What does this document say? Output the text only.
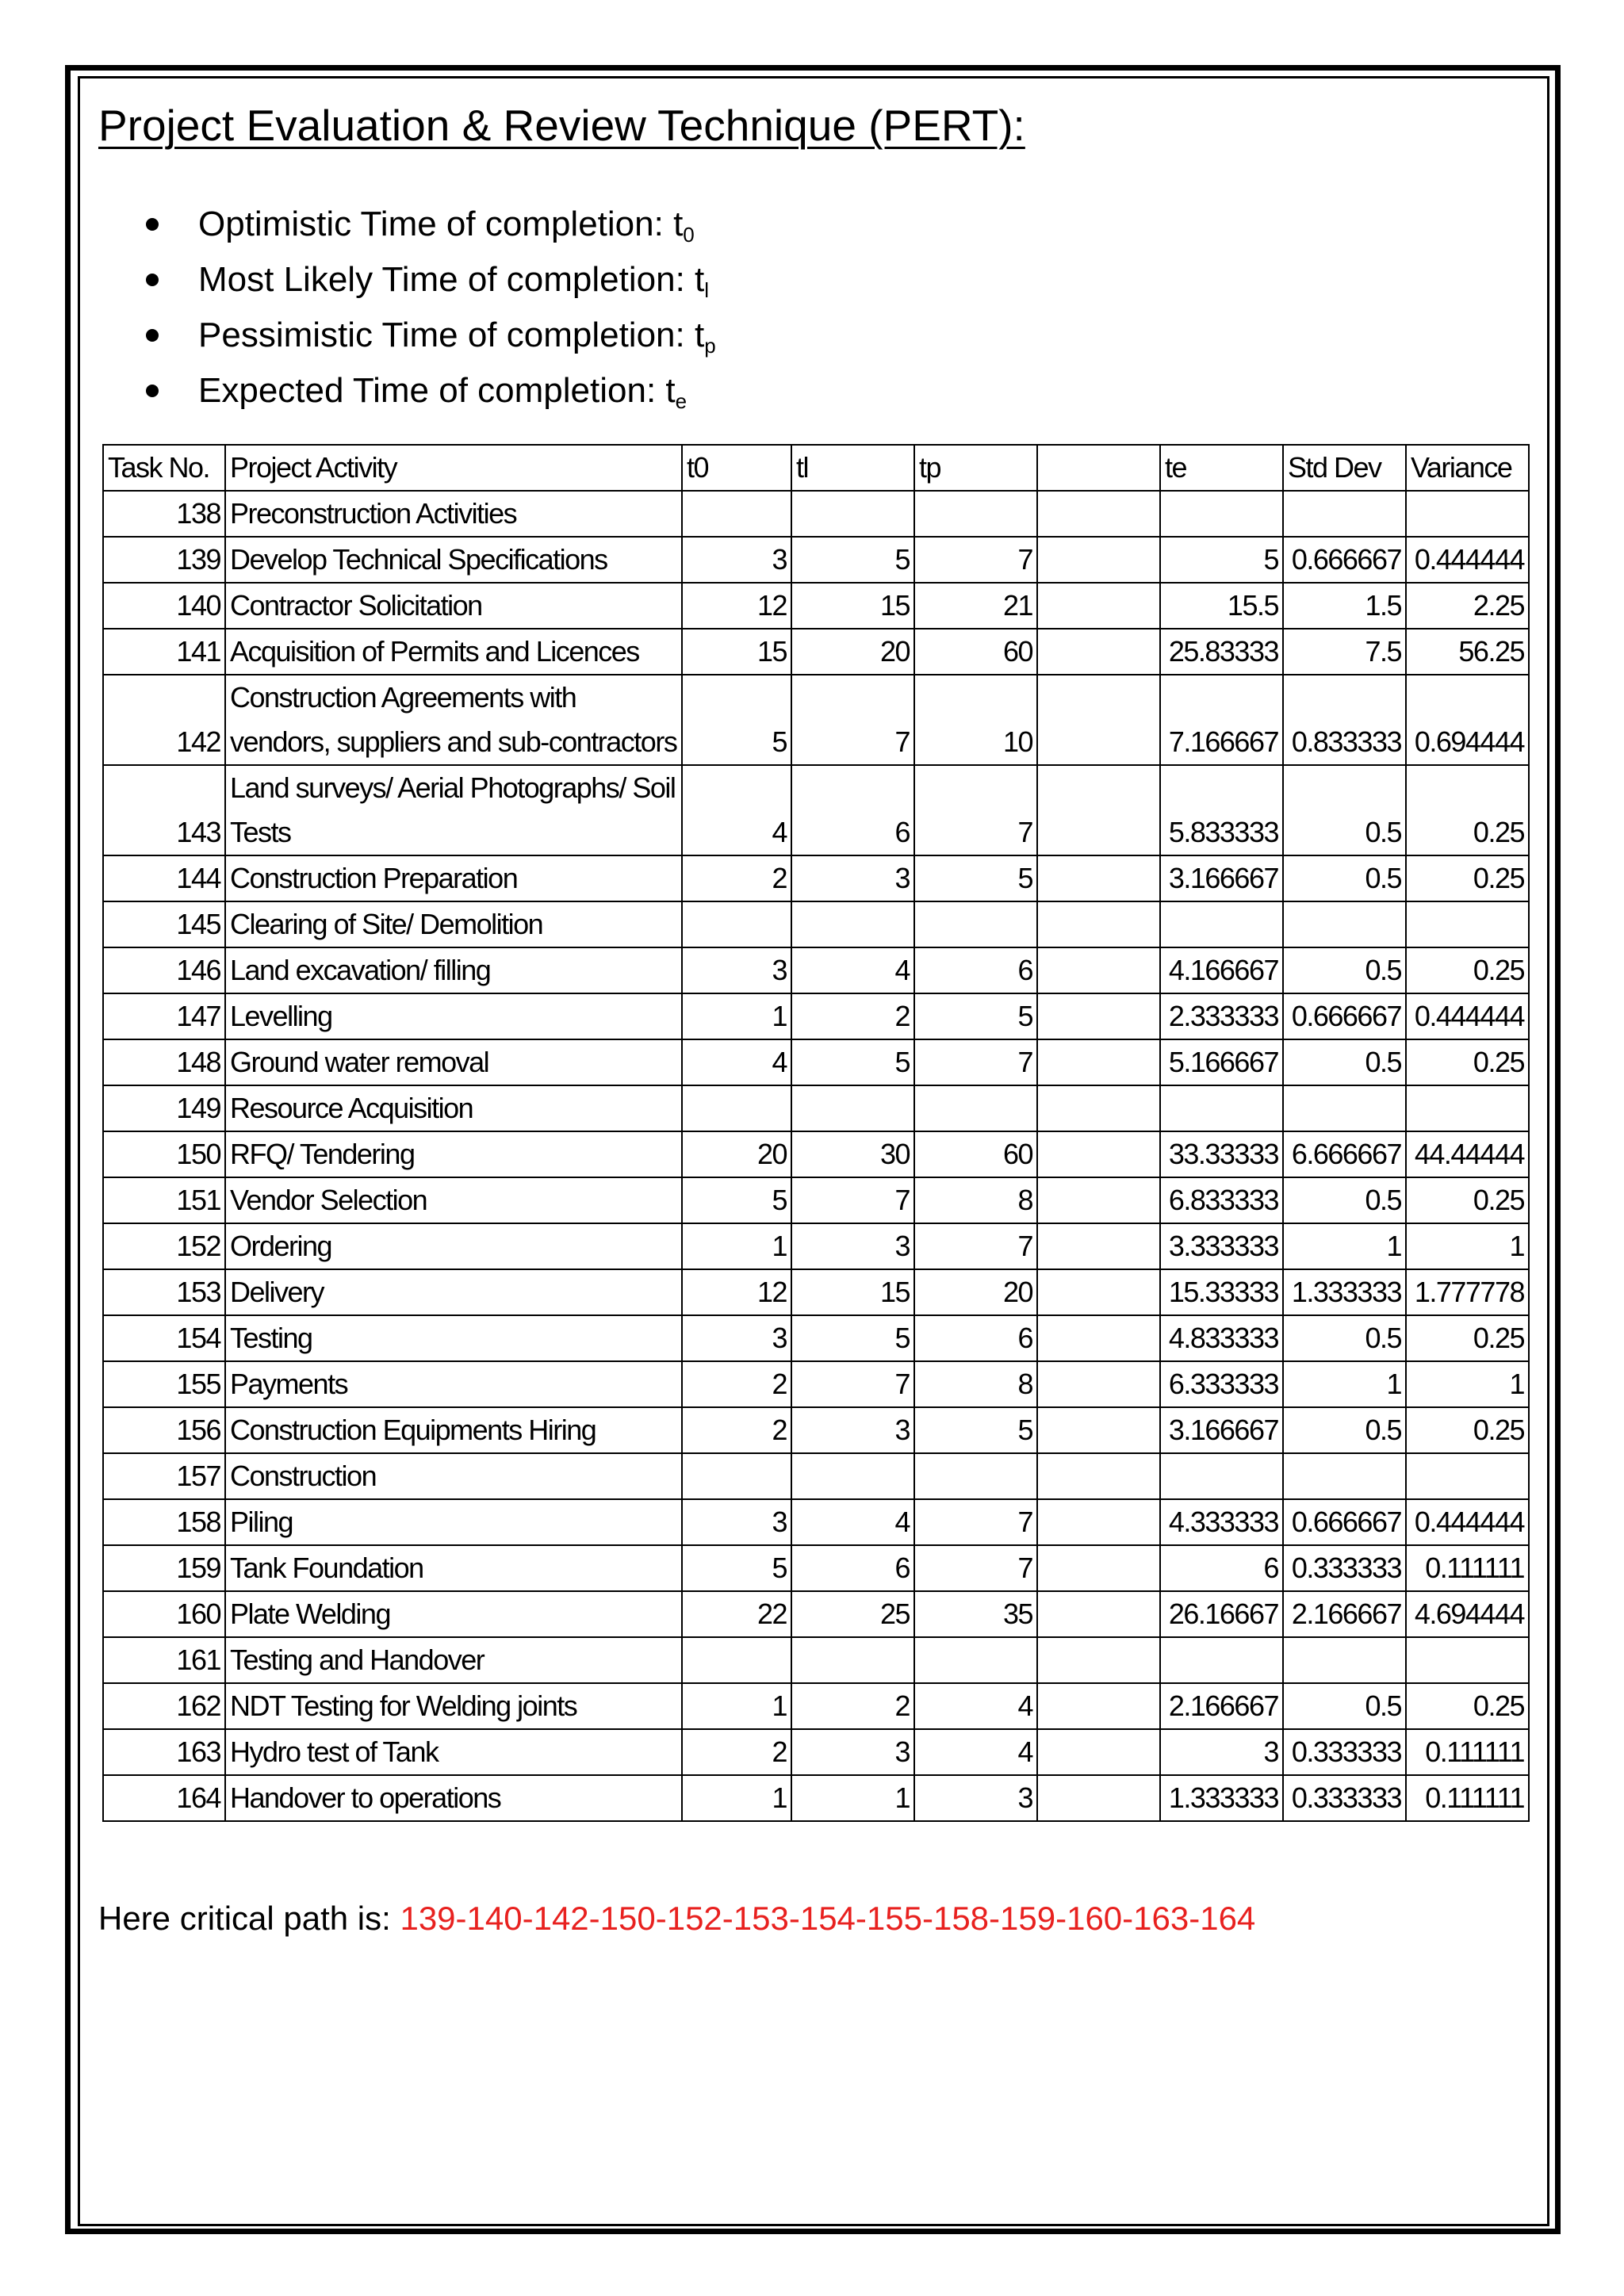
Project Evaluation & Review Technique (PERT):
Optimistic Time of completion: $t_0$
Most Likely Time of completion: $t_l$
Pessimistic Time of completion: $t_p$
Expected Time of completion: $t_e$
Task No.	Project Activity	t0	tl	tp		te	Std Dev	Variance
138	Preconstruction Activities							
139	Develop Technical Specifications	3	5	7		5	0.666667	0.444444
140	Contractor Solicitation	12	15	21		15.5	1.5	2.25
141	Acquisition of Permits and Licences	15	20	60		25.83333	7.5	56.25
142	Construction Agreements with vendors, suppliers and sub-contractors	5	7	10		7.166667	0.833333	0.694444
143	Land surveys/ Aerial Photographs/ Soil Tests	4	6	7		5.833333	0.5	0.25
144	Construction Preparation	2	3	5		3.166667	0.5	0.25
145	Clearing of Site/ Demolition							
146	Land excavation/ filling	3	4	6		4.166667	0.5	0.25
147	Levelling	1	2	5		2.333333	0.666667	0.444444
148	Ground water removal	4	5	7		5.166667	0.5	0.25
149	Resource Acquisition							
150	RFQ/ Tendering	20	30	60		33.33333	6.666667	44.44444
151	Vendor Selection	5	7	8		6.833333	0.5	0.25
152	Ordering	1	3	7		3.333333	1	1
153	Delivery	12	15	20		15.33333	1.333333	1.777778
154	Testing	3	5	6		4.833333	0.5	0.25
155	Payments	2	7	8		6.333333	1	1
156	Construction Equipments Hiring	2	3	5		3.166667	0.5	0.25
157	Construction							
158	Piling	3	4	7		4.333333	0.666667	0.444444
159	Tank Foundation	5	6	7		6	0.333333	0.111111
160	Plate Welding	22	25	35		26.16667	2.166667	4.694444
161	Testing and Handover							
162	NDT Testing for Welding joints	1	2	4		2.166667	0.5	0.25
163	Hydro test of Tank	2	3	4		3	0.333333	0.111111
164	Handover to operations	1	1	3		1.333333	0.333333	0.111111

Here critical path is: 139-140-142-150-152-153-154-155-158-159-160-163-164
